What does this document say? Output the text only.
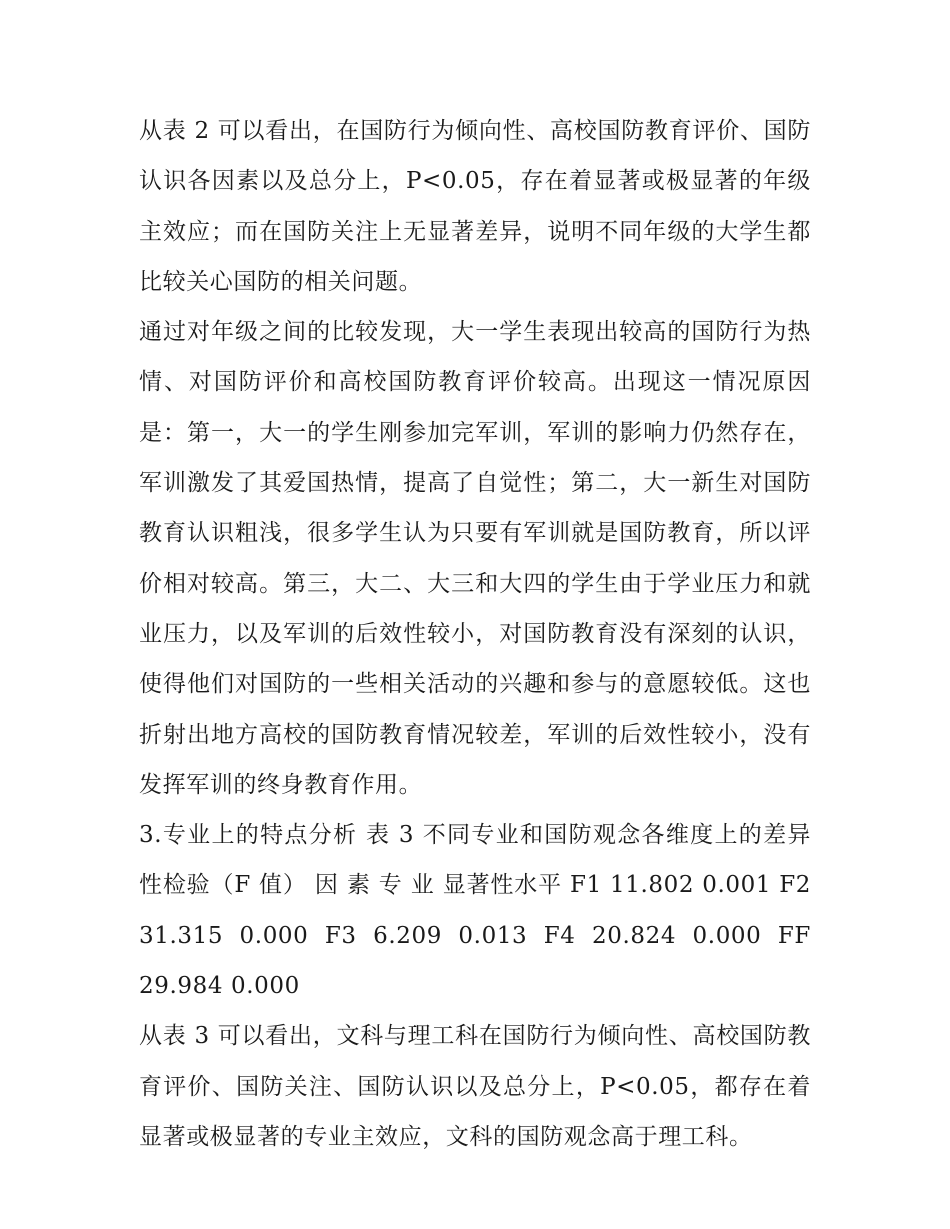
从表 2 可以看出，在国防行为倾向性、高校国防教育评价、国防认识各因素以及总分上，P<0.05，存在着显著或极显著的年级主效应；而在国防关注上无显著差异，说明不同年级的大学生都比较关心国防的相关问题。

通过对年级之间的比较发现，大一学生表现出较高的国防行为热情、对国防评价和高校国防教育评价较高。出现这一情况原因是：第一，大一的学生刚参加完军训，军训的影响力仍然存在，军训激发了其爱国热情，提高了自觉性；第二，大一新生对国防教育认识粗浅，很多学生认为只要有军训就是国防教育，所以评价相对较高。第三，大二、大三和大四的学生由于学业压力和就业压力，以及军训的后效性较小，对国防教育没有深刻的认识，使得他们对国防的一些相关活动的兴趣和参与的意愿较低。这也折射出地方高校的国防教育情况较差，军训的后效性较小，没有发挥军训的终身教育作用。

3.专业上的特点分析 表 3 不同专业和国防观念各维度上的差异性检验（F 值） 因 素 专 业 显著性水平 F1 11.802 0.001 F2 31.315 0.000 F3 6.209 0.013 F4 20.824 0.000 FF 29.984 0.000

从表 3 可以看出，文科与理工科在国防行为倾向性、高校国防教育评价、国防关注、国防认识以及总分上，P<0.05，都存在着显著或极显著的专业主效应，文科的国防观念高于理工科。
